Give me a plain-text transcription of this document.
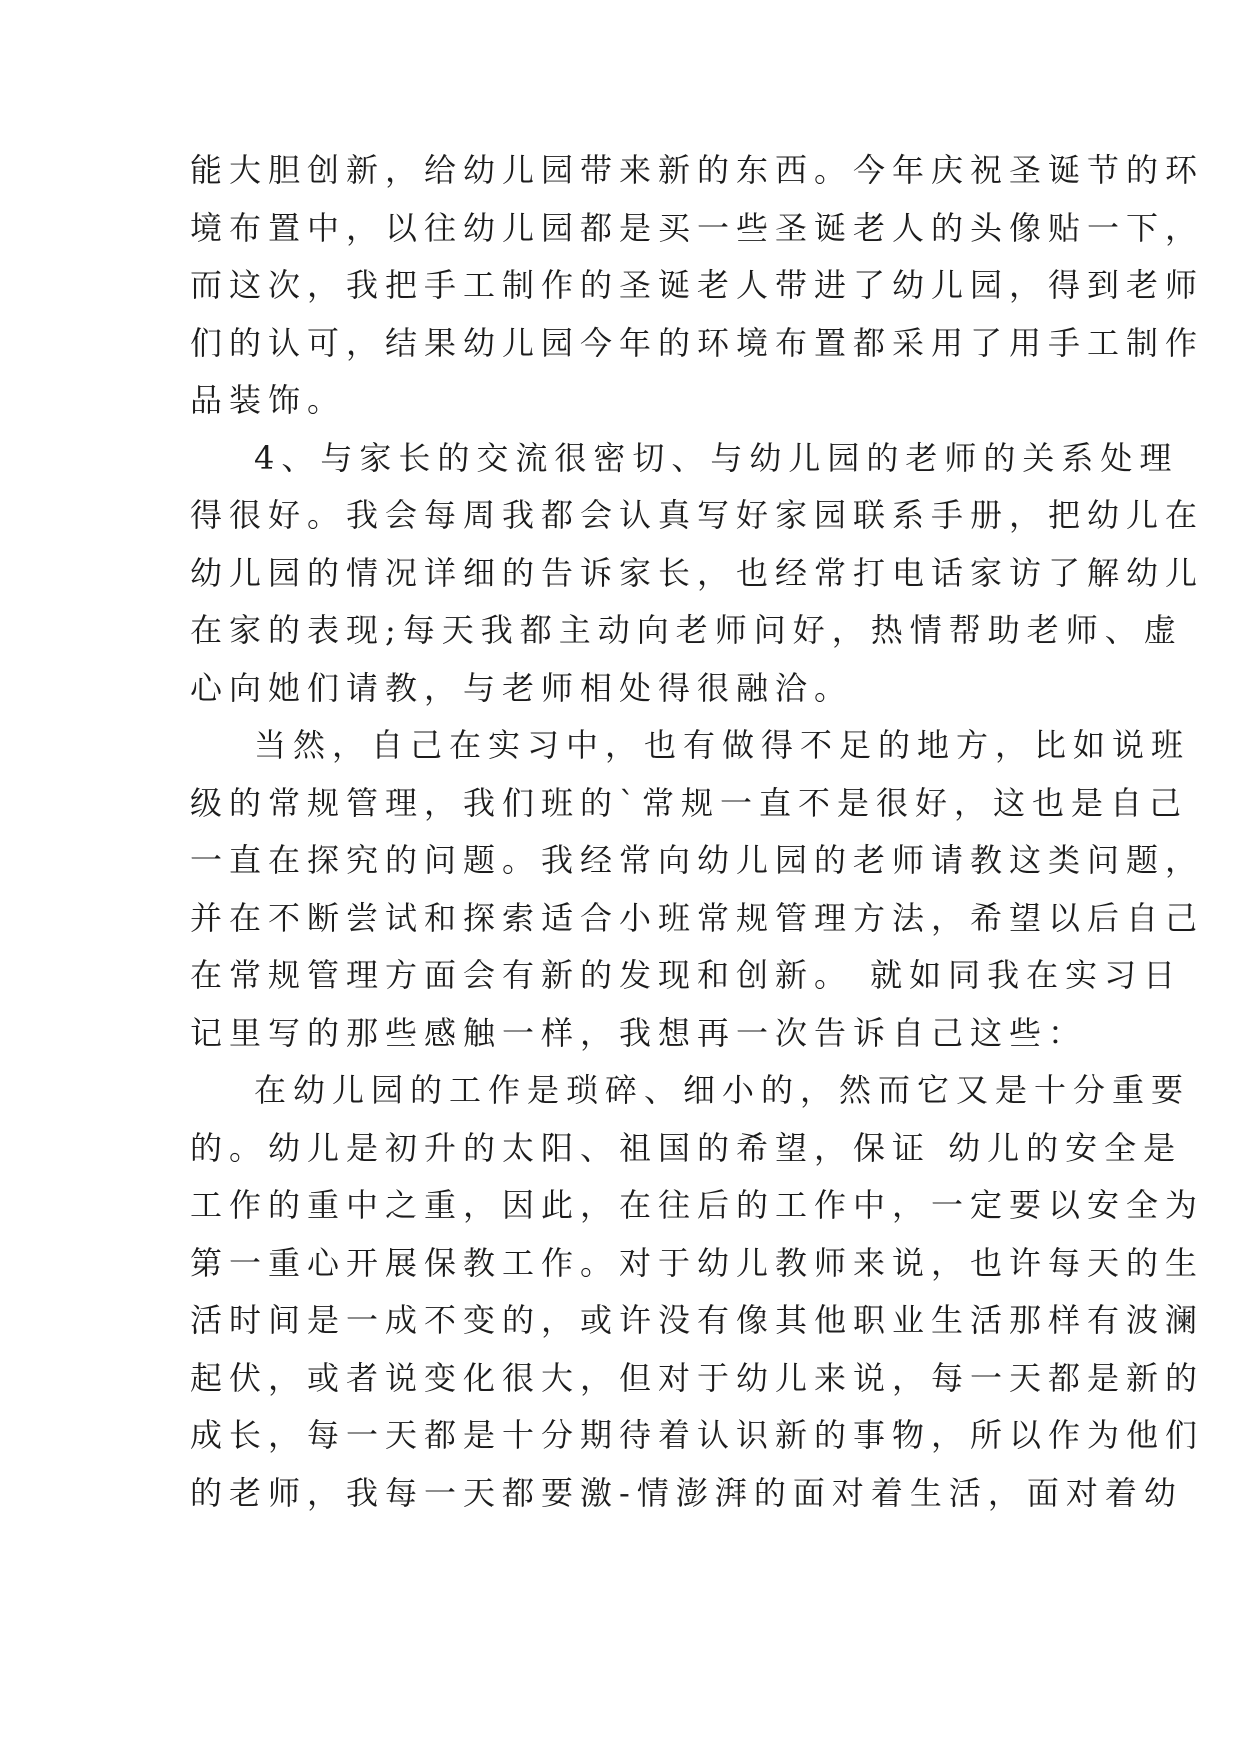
能大胆创新，给幼儿园带来新的东西。今年庆祝圣诞节的环
境布置中，以往幼儿园都是买一些圣诞老人的头像贴一下，
而这次，我把手工制作的圣诞老人带进了幼儿园，得到老师
们的认可，结果幼儿园今年的环境布置都采用了用手工制作
品装饰。
4、与家长的交流很密切、与幼儿园的老师的关系处理
得很好。我会每周我都会认真写好家园联系手册，把幼儿在
幼儿园的情况详细的告诉家长，也经常打电话家访了解幼儿
在家的表现;每天我都主动向老师问好，热情帮助老师、虚
心向她们请教，与老师相处得很融洽。
当然，自己在实习中，也有做得不足的地方，比如说班
级的常规管理，我们班的`常规一直不是很好，这也是自己
一直在探究的问题。我经常向幼儿园的老师请教这类问题，
并在不断尝试和探索适合小班常规管理方法，希望以后自己
在常规管理方面会有新的发现和创新。 就如同我在实习日
记里写的那些感触一样，我想再一次告诉自己这些：
在幼儿园的工作是琐碎、细小的，然而它又是十分重要
的。幼儿是初升的太阳、祖国的希望，保证 幼儿的安全是
工作的重中之重，因此，在往后的工作中，一定要以安全为
第一重心开展保教工作。对于幼儿教师来说，也许每天的生
活时间是一成不变的，或许没有像其他职业生活那样有波澜
起伏，或者说变化很大，但对于幼儿来说，每一天都是新的
成长，每一天都是十分期待着认识新的事物，所以作为他们
的老师，我每一天都要激-情澎湃的面对着生活，面对着幼
